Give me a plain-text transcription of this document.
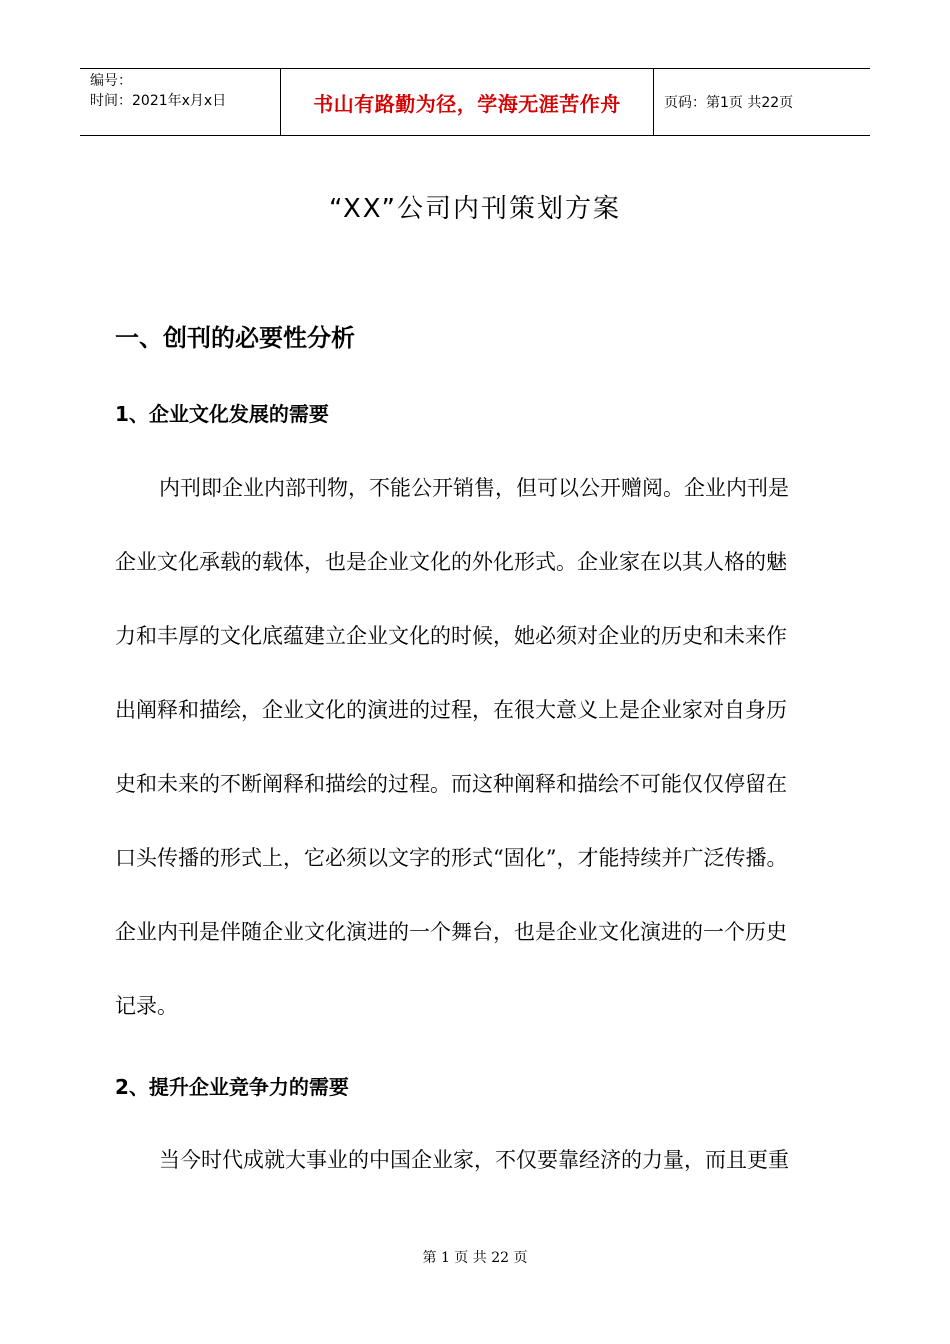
编号：
时间：2021年x月x日	书山有路勤为径，学海无涯苦作舟	页码：第1页 共22页
“XX”公司内刊策划方案
一、创刊的必要性分析
1、企业文化发展的需要
内刊即企业内部刊物，不能公开销售，但可以公开赠阅。企业内刊是
企业文化承载的载体，也是企业文化的外化形式。企业家在以其人格的魅
力和丰厚的文化底蕴建立企业文化的时候，她必须对企业的历史和未来作
出阐释和描绘，企业文化的演进的过程，在很大意义上是企业家对自身历
史和未来的不断阐释和描绘的过程。而这种阐释和描绘不可能仅仅停留在
口头传播的形式上，它必须以文字的形式“固化”，才能持续并广泛传播。
企业内刊是伴随企业文化演进的一个舞台，也是企业文化演进的一个历史
记录。
2、提升企业竞争力的需要
当今时代成就大事业的中国企业家，不仅要靠经济的力量，而且更重
第 1 页 共 22 页
